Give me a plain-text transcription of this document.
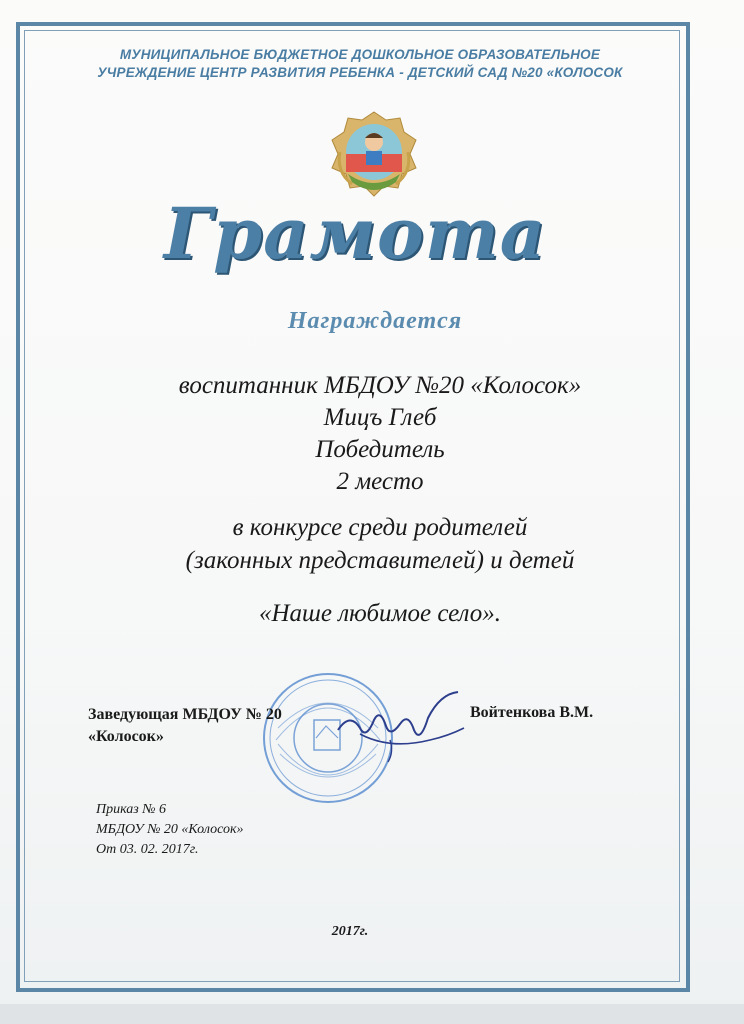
МУНИЦИПАЛЬНОЕ БЮДЖЕТНОЕ ДОШКОЛЬНОЕ ОБРАЗОВАТЕЛЬНОЕ
УЧРЕЖДЕНИЕ ЦЕНТР РАЗВИТИЯ РЕБЕНКА - ДЕТСКИЙ САД №20 «КОЛОСОК
Грамота
Награждается
воспитанник МБДОУ №20 «Колосок»
Мицъ Глеб
Победитель
2 место
в конкурсе среди родителей
(законных представителей) и детей
«Наше любимое село».
Заведующая МБДОУ № 20
«Колосок»
Войтенкова В.М.
Приказ № 6
МБДОУ № 20 «Колосок»
От 03. 02. 2017г.
2017г.
